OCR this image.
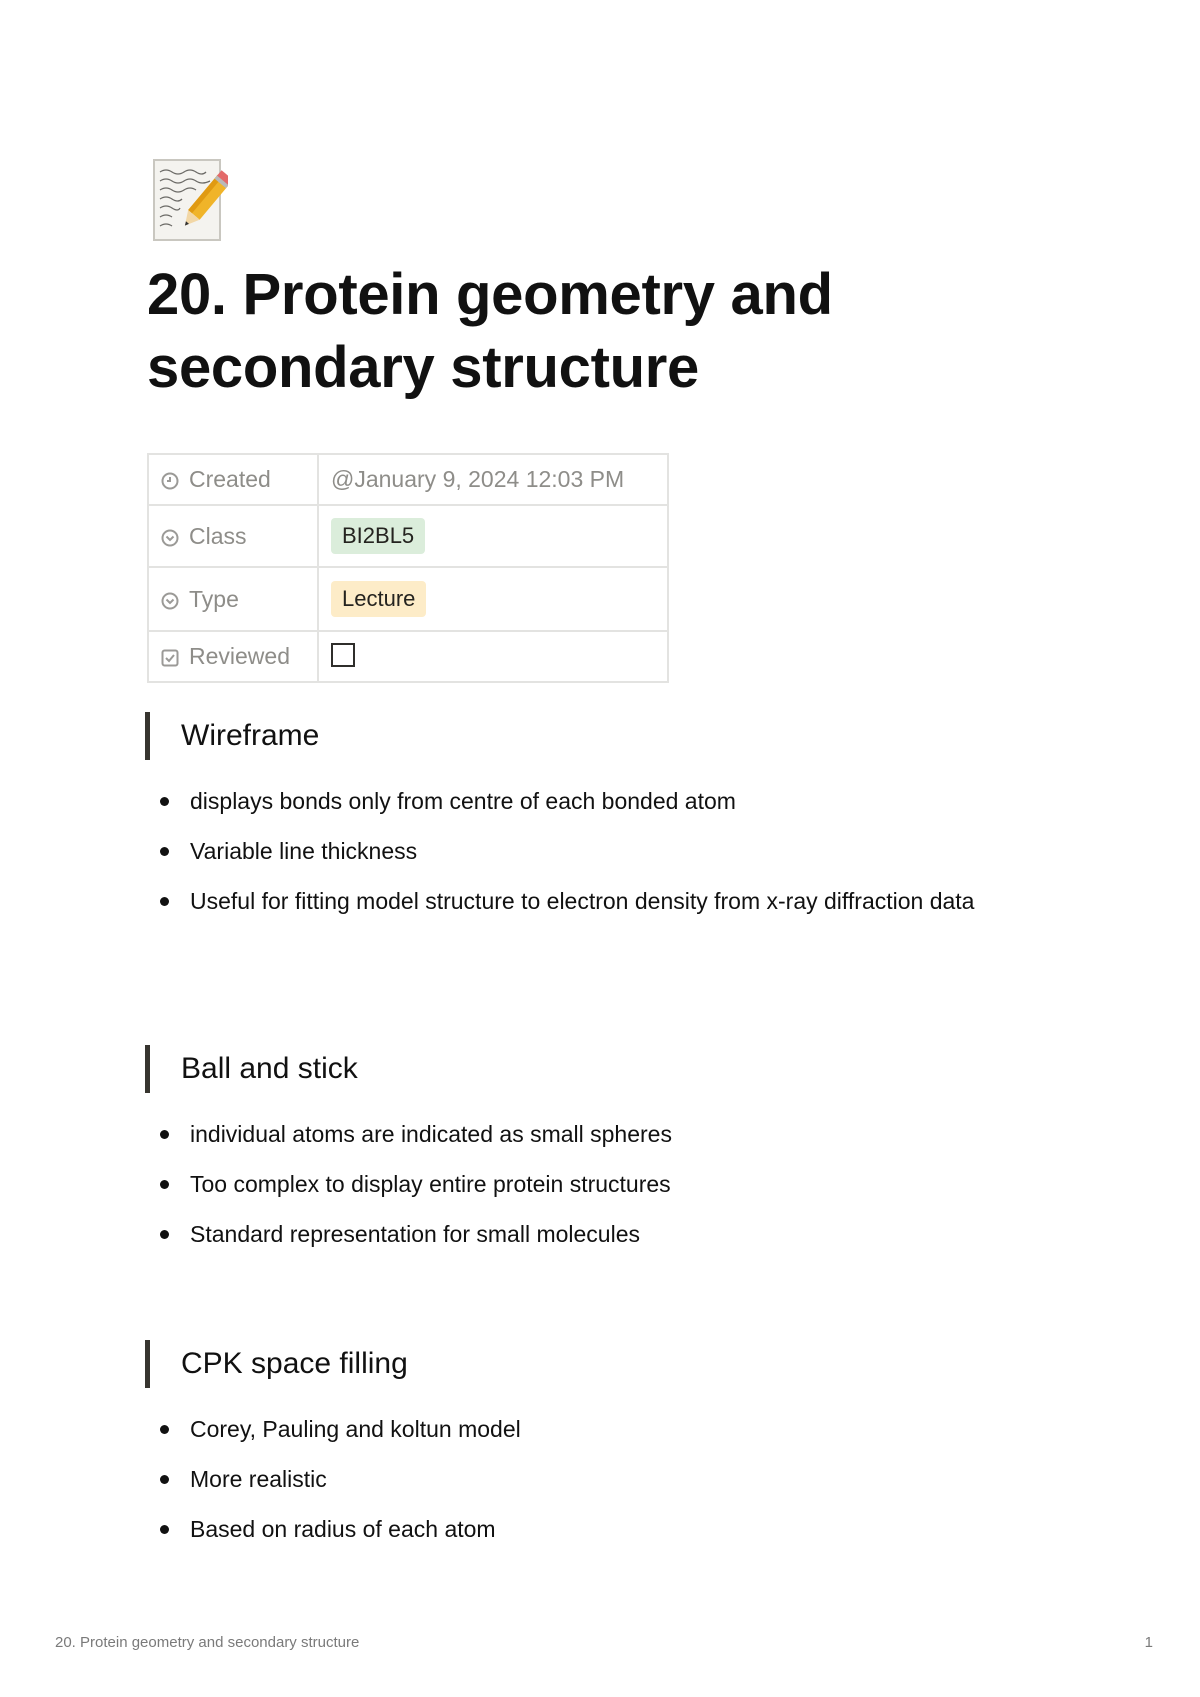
20. Protein geometry and secondary structure
Created	@January 9, 2024 12:03 PM
Class	BI2BL5
Type	Lecture
Reviewed	
Wireframe
displays bonds only from centre of each bonded atom
Variable line thickness
Useful for fitting model structure to electron density from x-ray diffraction data
Ball and stick
individual atoms are indicated as small spheres
Too complex to display entire protein structures
Standard representation for small molecules
CPK space filling
Corey, Pauling and koltun model
More realistic
Based on radius of each atom
20. Protein geometry and secondary structure	1
